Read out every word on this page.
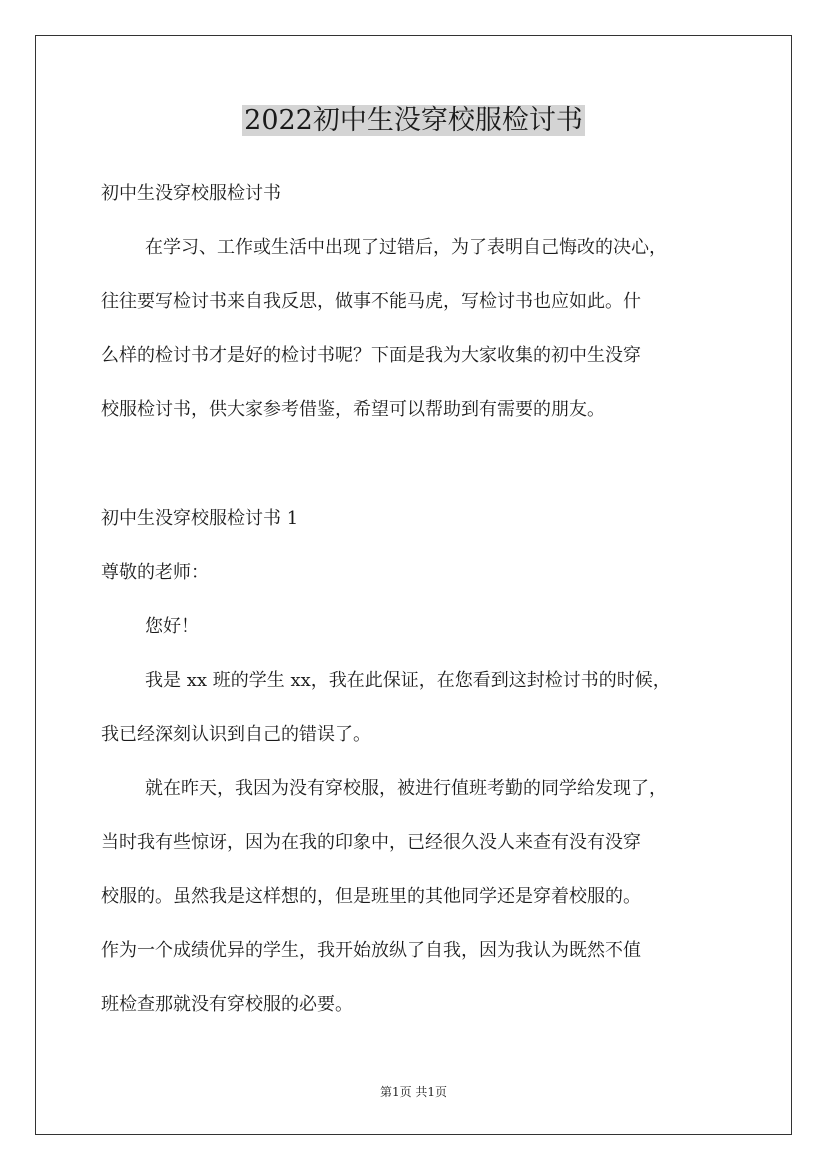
2022初中生没穿校服检讨书

初中生没穿校服检讨书

在学习、工作或生活中出现了过错后，为了表明自己悔改的决心，

往往要写检讨书来自我反思，做事不能马虎，写检讨书也应如此。什

么样的检讨书才是好的检讨书呢？下面是我为大家收集的初中生没穿

校服检讨书，供大家参考借鉴，希望可以帮助到有需要的朋友。

初中生没穿校服检讨书 1

尊敬的老师：

您好！

我是 xx 班的学生 xx，我在此保证，在您看到这封检讨书的时候，

我已经深刻认识到自己的错误了。

就在昨天，我因为没有穿校服，被进行值班考勤的同学给发现了，

当时我有些惊讶，因为在我的印象中，已经很久没人来查有没有没穿

校服的。虽然我是这样想的，但是班里的其他同学还是穿着校服的。

作为一个成绩优异的学生，我开始放纵了自我，因为我认为既然不值

班检查那就没有穿校服的必要。

第1页 共1页
